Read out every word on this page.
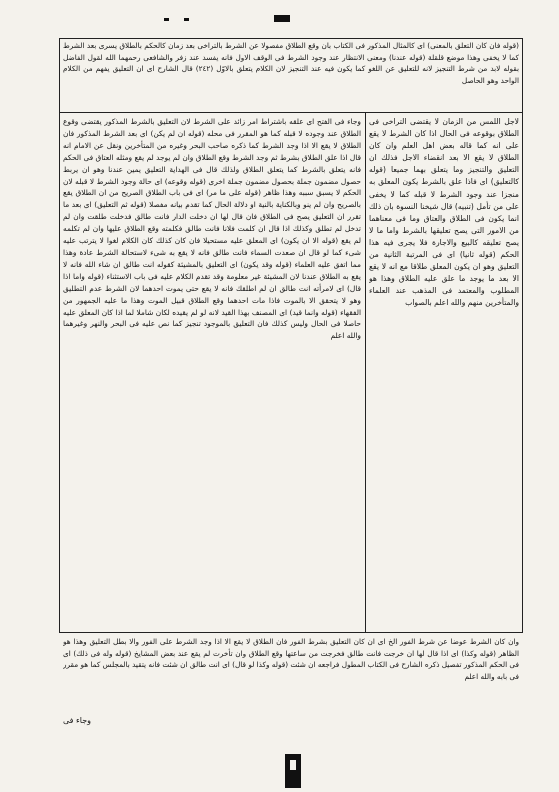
(قوله فان كان التعلق بالمعنى) اى كالمثال المذكور فى الكتاب بان وقع الطلاق مفصولا عن الشرط بالتراخى بعد زمان كالحكم بالطلاق يسرى بعد الشرط كما لا يخفى وهذا موضع قلقلة (قوله عندنا) ومعنى الانتظار عند وجود الشرط فى الوقف الاول فانه يفسد عند زفر والشافعى رحمهما الله لقول الفاضل بقوله لابد من شرط التنجيز لانه للتعليق عن اللغو كما يكون فيه عند التنجيز لان الكلام يتعلق بالاوّل (٢٤٢) قال الشارح اى ان التعليق يفهم من الكلام الواحد وهو الحاصل

لاجل اللمس من الزمان لا يقتضى التراخى فى الطلاق بوقوعه فى الحال اذا كان الشرط لا يقع على انه كما قاله بعض اهل العلم وان كان الطلاق لا يقع الا بعد انقضاء الاجل فذلك ان التعليق والتنجيز وما يتعلق بهما جميعا (قوله كالتعليق) اى فاذا علق بالشرط يكون المعلق به منجزا عند وجود الشرط لا قبله كما لا يخفى على من تأمل (تنبيه) قال شيخنا النسوة بان ذلك انما يكون فى الطلاق والعتاق وما فى معناهما من الامور التى يصح تعليقها بالشرط واما ما لا يصح تعليقه كالبيع والاجارة فلا يجرى فيه هذا الحكم (قوله ثانيا) اى فى المرتبة الثانية من التعليق وهو ان يكون المعلق طلاقا مع انه لا يقع الا بعد ما يوجد ما علق عليه الطلاق وهذا هو المطلوب والمعتمد فى المذهب عند العلماء والمتأخرين منهم والله اعلم بالصواب

وجاء فى الفتح اى علقه باشتراط امر زائد على الشرط لان التعليق بالشرط المذكور يقتضى وقوع الطلاق عند وجوده لا قبله كما هو المقرر فى محله (قوله ان لم يكن) اى بعد الشرط المذكور فان الطلاق لا يقع الا اذا وجد الشرط كما ذكره صاحب البحر وغيره من المتأخرين ونقل عن الامام انه قال اذا علق الطلاق بشرط ثم وجد الشرط وقع الطلاق وان لم يوجد لم يقع ومثله العتاق فى الحكم فانه يتعلق بالشرط كما يتعلق الطلاق ولذلك قال فى الهداية التعليق يمين عندنا وهو ان يربط حصول مضمون جملة بحصول مضمون جملة اخرى (قوله وقوعه) اى حالة وجود الشرط لا قبله لان الحكم لا يسبق سببه وهذا ظاهر (قوله على ما مر) اى فى باب الطلاق الصريح من ان الطلاق يقع بالصريح وان لم ينو وبالكناية بالنية او دلالة الحال كما تقدم بيانه مفصلا (قوله ثم التعليق) اى بعد ما تقرر ان التعليق يصح فى الطلاق فان قال لها ان دخلت الدار فانت طالق فدخلت طلقت وان لم تدخل لم تطلق وكذلك اذا قال ان كلمت فلانا فانت طالق فكلمته وقع الطلاق عليها وان لم تكلمه لم يقع (قوله الا ان يكون) اى المعلق عليه مستحيلا فان كان كذلك كان الكلام لغوا لا يترتب عليه شىء كما لو قال ان صعدت السماء فانت طالق فانه لا يقع به شىء لاستحالة الشرط عادة وهذا مما اتفق عليه العلماء (قوله وقد يكون) اى التعليق بالمشيئة كقوله انت طالق ان شاء الله فانه لا يقع به الطلاق عندنا لان المشيئة غير معلومة وقد تقدم الكلام عليه فى باب الاستثناء (قوله واما اذا قال) اى لامرأته انت طالق ان لم اطلقك فانه لا يقع حتى يموت احدهما لان الشرط عدم التطليق وهو لا يتحقق الا بالموت فاذا مات احدهما وقع الطلاق قبيل الموت وهذا ما عليه الجمهور من الفقهاء (قوله وانما قيد) اى المصنف بهذا القيد لانه لو لم يقيده لكان شاملا لما اذا كان المعلق عليه حاصلا فى الحال وليس كذلك فان التعليق بالموجود تنجيز كما نص عليه فى البحر والنهر وغيرهما والله اعلم

وان كان الشرط عوضا عن شرط الفور الخ اى ان كان التعليق بشرط الفور فان الطلاق لا يقع الا اذا وجد الشرط على الفور والا بطل التعليق وهذا هو الظاهر (قوله وكذا) اى اذا قال لها ان خرجت فانت طالق فخرجت من ساعتها وقع الطلاق وان تأخرت لم يقع عند بعض المشايخ (قوله وله فى ذلك) اى فى الحكم المذكور تفصيل ذكره الشارح فى الكتاب المطول فراجعه ان شئت (قوله وكذا لو قال) اى انت طالق ان شئت فانه يتقيد بالمجلس كما هو مقرر فى بابه والله اعلم

وجاء فى
